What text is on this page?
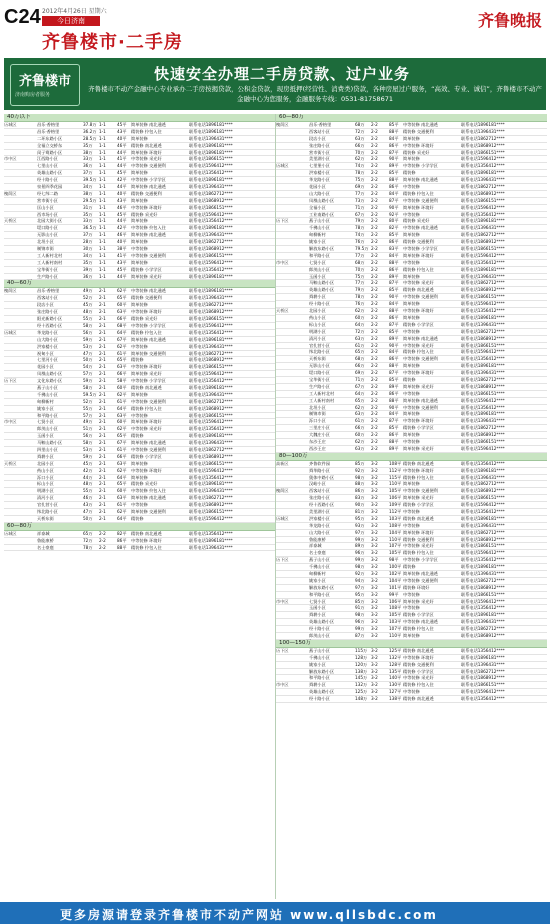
C24 2012年4月26日 星期六
今日济南
齐鲁楼市·二手房
齐鲁晚报
齐鲁楼市
济南购房者服务
快速安全办理二手房贷款、过户业务
齐鲁楼市不动产金融中心专业承办二手房按揭贷款，公积金贷款，现房抵押(经营性、消费类)贷款，各种房屋过户服务，“高效、专业、诚信”，齐鲁楼市不动产金融中心为您服务，金融服务专线：0531-81758671
40万以下
历城区	昌乐·香格里	37.8万 1-1	45平	简单装修 南北通透	联系电话1896181****
昌乐·香格里	36.2万 1-1	43平	精装修 拎包入住	联系电话1896181****
二环东路小区	28.5万 1-1	40平	简单装修	联系电话1396431****
全福立交桥东	35万	1-1	46平	精装修 南北通透	联系电话1896181****
闵子骞路小区	38万	1-1	44平	简单装修 环境好	联系电话1896181****
市中区	江西路小区	33万	1-1	41平	中等装修 采光好	联系电话1866151****
七里山小区	36万	1-1	44平	中等装修 交通便利	联系电话1596412****
英雄山路小区	37万	1-1	45平	简单装修	联系电话1356412****
经十路小区	39.5万 1-1	42平	中等装修 小学学区	联系电话1896181****
泉景四季花园	34万	1-1	44平	简单装修 南北通透	联系电话1396431****
槐荫区	经七纬二路	38万	1-1	40平	精装修 交通便利	联系电话1862712****
营市街小区	29.5万 1-1	43平	简单装修	联系电话1868912****
匡山小区	31万	1-1	46平	中等装修 环境好	联系电话1866151****
西市场小区	35万	1-1	45平	精装修 采光好	联系电话1596412****
天桥区	北园大街小区	33万	1-1	44平	简单装修	联系电话1356412****
堤口路小区	36.5万 1-1	42平	中等装修 拎包入住	联系电话1896181****
无影山小区	37万	1-1	46平	简单装修 南北通透	联系电话1396431****
北坦小区	28万	1-1	40平	简单装修	联系电话1862712****
制锦市街	30万	1-1	38平	中等装修	联系电话1868912****
工人新村北村	34万	1-1	41平	中等装修 交通便利	联系电话1866151****
工人新村南村	35万	1-1	43平	简单装修	联系电话1596412****
宝华街小区	39万	1-1	45平	精装修 小学学区	联系电话1356412****
生产路小区	36万	1-1	44平	简单装修 采光好	联系电话1896181****
40—60万
槐荫区	昌乐·香格里	49万	2-1	62平	中等装修 南北通透	联系电话1896181****
西客站小区	52万	2-1	65平	精装修 交通便利	联系电话1396431****
段店小区	45万	2-1	60平	简单装修	联系电话1862712****
张庄路小区	48万	2-1	63平	中等装修 环境好	联系电话1868912****
阳光新路小区	55万	2-1	66平	精装修 采光好	联系电话1866151****
经十西路小区	58万	2-1	68平	中等装修 小学学区	联系电话1596412****
历城区	华龙路小区	56万	2-1	64平	精装修 拎包入住	联系电话1356412****
山大路小区	59万	2-1	67平	简单装修 南北通透	联系电话1896181****
洪家楼小区	53万	2-1	62平	中等装修	联系电话1396431****
祝甸小区	47万	2-1	61平	简单装修 交通便利	联系电话1862712****
七里河小区	50万	2-1	65平	精装修	联系电话1868912****
花园小区	54万	2-1	63平	中等装修 环境好	联系电话1866151****
凤凰山路小区	57万	2-1	66平	简单装修 采光好	联系电话1596412****
历下区	文化东路小区	59万	2-1	58平	中等装修 小学学区	联系电话1356412****
燕子山小区	58万	2-1	60平	精装修 南北通透	联系电话1896181****
千佛山小区	59.5万 2-1	62平	简单装修	联系电话1396431****
甸柳新村	52万	2-1	61平	中等装修 交通便利	联系电话1862712****
姚家小区	55万	2-1	64平	精装修 拎包入住	联系电话1868912****
和平路小区	57万	2-1	63平	中等装修	联系电话1866151****
市中区	七贤小区	49万	2-1	60平	简单装修 环境好	联系电话1596412****
郎茂山小区	51万	2-1	62平	中等装修 采光好	联系电话1356412****
玉函小区	56万	2-1	65平	精装修	联系电话1896181****
马鞍山路小区	58万	2-1	67平	简单装修 南北通透	联系电话1396431****
四里山小区	53万	2-1	61平	中等装修 交通便利	联系电话1862712****
舜耕小区	59万	2-1	66平	精装修 小学学区	联系电话1868912****
天桥区	北园小区	45万	2-1	63平	简单装修	联系电话1866151****
药山小区	42万	2-1	62平	中等装修 环境好	联系电话1596412****
泺口小区	44万	2-1	64平	简单装修	联系电话1356412****
标山小区	48万	2-1	65平	精装修 采光好	联系电话1896181****
明湖小区	55万	2-1	60平	中等装修 拎包入住	联系电话1396431****
清河小区	46万	2-1	63平	简单装修 南北通透	联系电话1862712****
官扎营小区	43万	2-1	61平	中等装修	联系电话1868912****
纬北路小区	47万	2-1	62平	简单装修 交通便利	联系电话1866151****
天桥东街	50万	2-1	64平	精装修	联系电话1596412****
60—80万
历城区	祥泰城	65万	2-2	82平	精装修 南北通透	联系电话1356412****
鲁能康桥	72万	2-2	86平	中等装修 环境好	联系电话1896181****
名士豪庭	78万	2-2	88平	精装修 拎包入住	联系电话1396431****
60—80万
槐荫区	昌乐·香格里	68万	2-2	85平	中等装修 南北通透	联系电话1896181****
西客站小区	72万	2-2	88平	精装修 交通便利	联系电话1396431****
段店小区	63万	2-2	84平	简单装修	联系电话1862712****
张庄路小区	66万	2-2	86平	中等装修 环境好	联系电话1868912****
营市街小区	70万	2-2	87平	精装修 采光好	联系电话1866151****
美里湖小区	62万	2-2	90平	简单装修	联系电话1596412****
历城区	七里堡小区	74万	2-2	89平	中等装修 小学学区	联系电话1356412****
洪家楼小区	78万	2-2	85平	精装修	联系电话1896181****
华龙路小区	75万	2-2	88平	简单装修 南北通透	联系电话1396431****
花园小区	69万	2-2	86平	中等装修	联系电话1862712****
山大路小区	77万	2-2	84平	精装修 拎包入住	联系电话1868912****
凤凰山路小区	73万	2-2	87平	中等装修 交通便利	联系电话1866151****
全福小区	71万	2-2	90平	简单装修 环境好	联系电话1596412****
工业南路小区	67万	2-2	92平	中等装修	联系电话1356412****
历下区	燕子山小区	79万	2-2	80平	精装修 采光好	联系电话1896181****
千佛山小区	78万	2-2	82平	中等装修 南北通透	联系电话1396431****
甸柳新村	74万	2-2	85平	简单装修	联系电话1862712****
姚家小区	76万	2-2	86平	精装修 交通便利	联系电话1868912****
解放东路小区	79.5万 2-2	83平	中等装修 小学学区	联系电话1866151****
和平路小区	77万	2-2	84平	简单装修 环境好	联系电话1596412****
市中区	七贤小区	68万	2-2	88平	中等装修	联系电话1356412****
郎茂山小区	70万	2-2	86平	精装修 拎包入住	联系电话1896181****
玉函小区	75万	2-2	89平	简单装修	联系电话1396431****
马鞍山路小区	77万	2-2	87平	中等装修 采光好	联系电话1862712****
英雄山路小区	79万	2-2	85平	精装修 南北通透	联系电话1868912****
舜耕小区	78万	2-2	90平	中等装修 交通便利	联系电话1866151****
经十路小区	76万	2-2	84平	简单装修	联系电话1596412****
天桥区	北园小区	62万	2-2	88平	中等装修 环境好	联系电话1356412****
药山小区	60万	2-2	86平	简单装修	联系电话1896181****
标山小区	64万	2-2	87平	精装修 小学学区	联系电话1396431****
明湖小区	72万	2-2	85平	中等装修	联系电话1862712****
清河小区	63万	2-2	89平	简单装修 南北通透	联系电话1868912****
官扎营小区	61万	2-2	90平	中等装修 采光好	联系电话1866151****
纬北路小区	65万	2-2	84平	精装修 拎包入住	联系电话1596412****
天桥东街	68万	2-2	86平	中等装修 交通便利	联系电话1356412****
无影山小区	66万	2-2	88平	简单装修	联系电话1896181****
堤口路小区	69万	2-2	87平	中等装修 环境好	联系电话1396431****
宝华街小区	71万	2-2	85平	精装修	联系电话1862712****
生产路小区	67万	2-2	89平	简单装修 采光好	联系电话1868912****
工人新村北村	64万	2-2	86平	中等装修	联系电话1866151****
工人新村南村	65万	2-2	88平	简单装修 南北通透	联系电话1596412****
北坦小区	62万	2-2	90平	中等装修 交通便利	联系电话1356412****
制锦市街	63万	2-2	84平	简单装修	联系电话1896181****
泺口小区	61万	2-2	87平	中等装修 环境好	联系电话1396431****
三里庄小区	66万	2-2	85平	精装修 小学学区	联系电话1862712****
大魏庄小区	60万	2-2	86平	简单装修	联系电话1868912****
东沙王庄	62万	2-2	88平	中等装修	联系电话1866151****
西沙王庄	63万	2-2	89平	简单装修 采光好	联系电话1596412****
80—100万
高新区	齐鲁软件园	85万	3-2	108平 精装修 南北通透	联系电话1356412****
舜华路小区	92万	3-2	112平 中等装修 环境好	联系电话1896181****
奥体中路小区	98万	3-2	115平 精装修 拎包入住	联系电话1396431****
汉峪小区	88万	3-2	110平 简单装修	联系电话1862712****
槐荫区	西客站小区	86万	3-2	105平 中等装修 交通便利	联系电话1868912****
张庄路小区	83万	3-2	106平 简单装修 采光好	联系电话1866151****
经十西路小区	90万	3-2	109平 精装修 小学学区	联系电话1596412****
美里湖小区	81万	3-2	112平 中等装修	联系电话1356412****
历城区	洪家楼小区	95万	3-2	103平 精装修 南北通透	联系电话1896181****
华龙路小区	93万	3-2	108平 中等装修	联系电话1396431****
山大路小区	97万	3-2	104平 简单装修 环境好	联系电话1862712****
鲁能康桥	99万	3-2	110平 精装修 交通便利	联系电话1868912****
祥泰城	89万	3-2	107平 中等装修 采光好	联系电话1866151****
名士豪庭	96万	3-2	105平 精装修 拎包入住	联系电话1596412****
历下区	燕子山小区	99万	3-2	98平	中等装修 小学学区	联系电话1356412****
千佛山小区	98万	3-2	100平 精装修	联系电话1896181****
甸柳新村	92万	3-2	102平 简单装修 南北通透	联系电话1396431****
姚家小区	94万	3-2	104平 中等装修 交通便利	联系电话1862712****
解放东路小区	97万	3-2	101平 精装修 环境好	联系电话1868912****
和平路小区	95万	3-2	99平	中等装修	联系电话1866151****
市中区	七贤小区	85万	3-2	106平 简单装修 采光好	联系电话1596412****
玉函小区	91万	3-2	108平 中等装修	联系电话1356412****
舜耕小区	98万	3-2	105平 精装修 小学学区	联系电话1896181****
英雄山路小区	96万	3-2	103平 中等装修 南北通透	联系电话1396431****
经十路小区	99万	3-2	107平 精装修 拎包入住	联系电话1862712****
郎茂山小区	87万	3-2	110平 简单装修	联系电话1868912****
100—150万
历下区	燕子山小区	115万 3-2	125平 精装修 南北通透	联系电话1356412****
千佛山小区	128万 3-2	132平 中等装修 环境好	联系电话1896181****
姚家小区	120万 3-2	128平 精装修 交通便利	联系电话1396431****
解放东路小区	138万 3-2	135平 精装修 小学学区	联系电话1862712****
和平路小区	145万 3-2	140平 中等装修 采光好	联系电话1868912****
市中区	舜耕小区	132万 3-2	130平 精装修 拎包入住	联系电话1866151****
英雄山路小区	125万 3-2	127平 中等装修	联系电话1596412****
经十路小区	148万 3-2	138平 精装修 南北通透	联系电话1356412****
更多房源请登录齐鲁楼市不动产网站 www.qllsbdc.com
